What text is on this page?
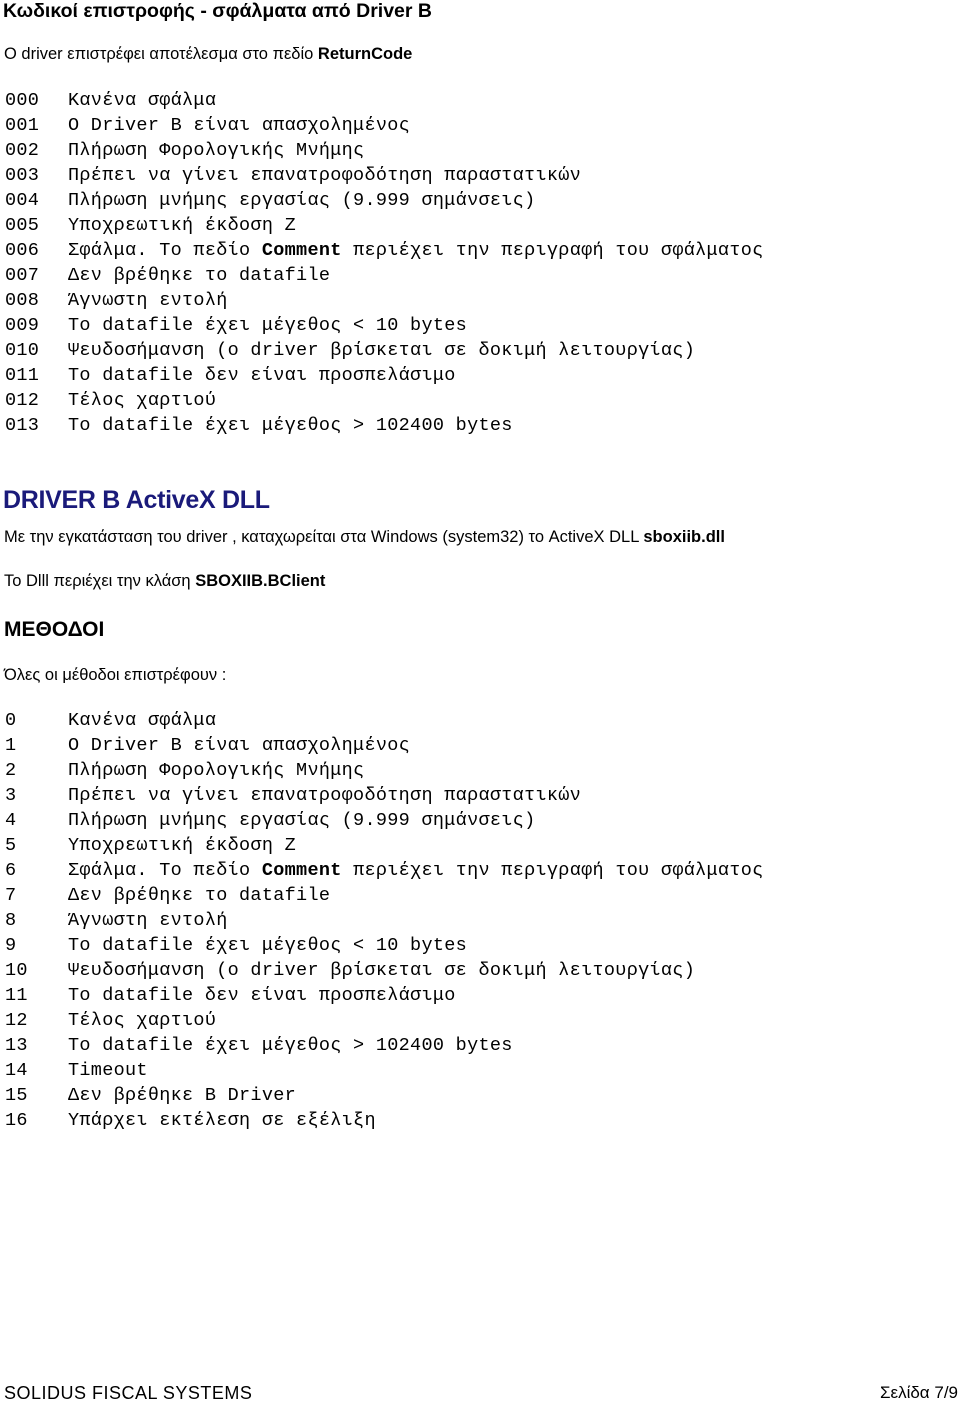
Κωδικοί επιστροφής - σφάλματα από Driver B
O driver επιστρέφει αποτέλεσμα στο πεδίο ReturnCode
000 Κανένα σφάλμα
001 O Driver B είναι απασχολημένος
002 Πλήρωση Φορολογικής Μνήμης
003 Πρέπει να γίνει επανατροφοδότηση παραστατικών
004 Πλήρωση μνήμης εργασίας (9.999 σημάνσεις)
005 Υποχρεωτική έκδοση Ζ
006 Σφάλμα. Το πεδίο Comment περιέχει την περιγραφή του σφάλματος
007 Δεν βρέθηκε το datafile
008 Άγνωστη εντολή
009 Το datafile έχει μέγεθος < 10 bytes
010 Ψευδοσήμανση (ο driver βρίσκεται σε δοκιμή λειτουργίας)
011 Το datafile δεν είναι προσπελάσιμο
012 Τέλος χαρτιού
013 Το datafile έχει μέγεθος > 102400 bytes
DRIVER B ActiveX DLL
Με την εγκατάσταση του driver , καταχωρείται στα Windows (system32) το ActiveX DLL sboxiib.dll
To Dlll περιέχει την κλάση SBOXIIB.BClient
ΜΕΘΟΔΟΙ
Όλες οι μέθοδοι επιστρέφουν :
0	Κανένα σφάλμα
1	O Driver B είναι απασχολημένος
2	Πλήρωση Φορολογικής Μνήμης
3	Πρέπει να γίνει επανατροφοδότηση παραστατικών
4	Πλήρωση μνήμης εργασίας (9.999 σημάνσεις)
5	Υποχρεωτική έκδοση Ζ
6	Σφάλμα. Το πεδίο Comment περιέχει την περιγραφή του σφάλματος
7	Δεν βρέθηκε το datafile
8	Άγνωστη εντολή
9	Το datafile έχει μέγεθος < 10 bytes
10 Ψευδοσήμανση (ο driver βρίσκεται σε δοκιμή λειτουργίας)
11 Το datafile δεν είναι προσπελάσιμο
12 Τέλος χαρτιού
13 Το datafile έχει μέγεθος > 102400 bytes
14 Timeout
15 Δεν βρέθηκε B Driver
16 Υπάρχει εκτέλεση σε εξέλιξη
SOLIDUS FISCAL SYSTEMS	Σελίδα 7/9
